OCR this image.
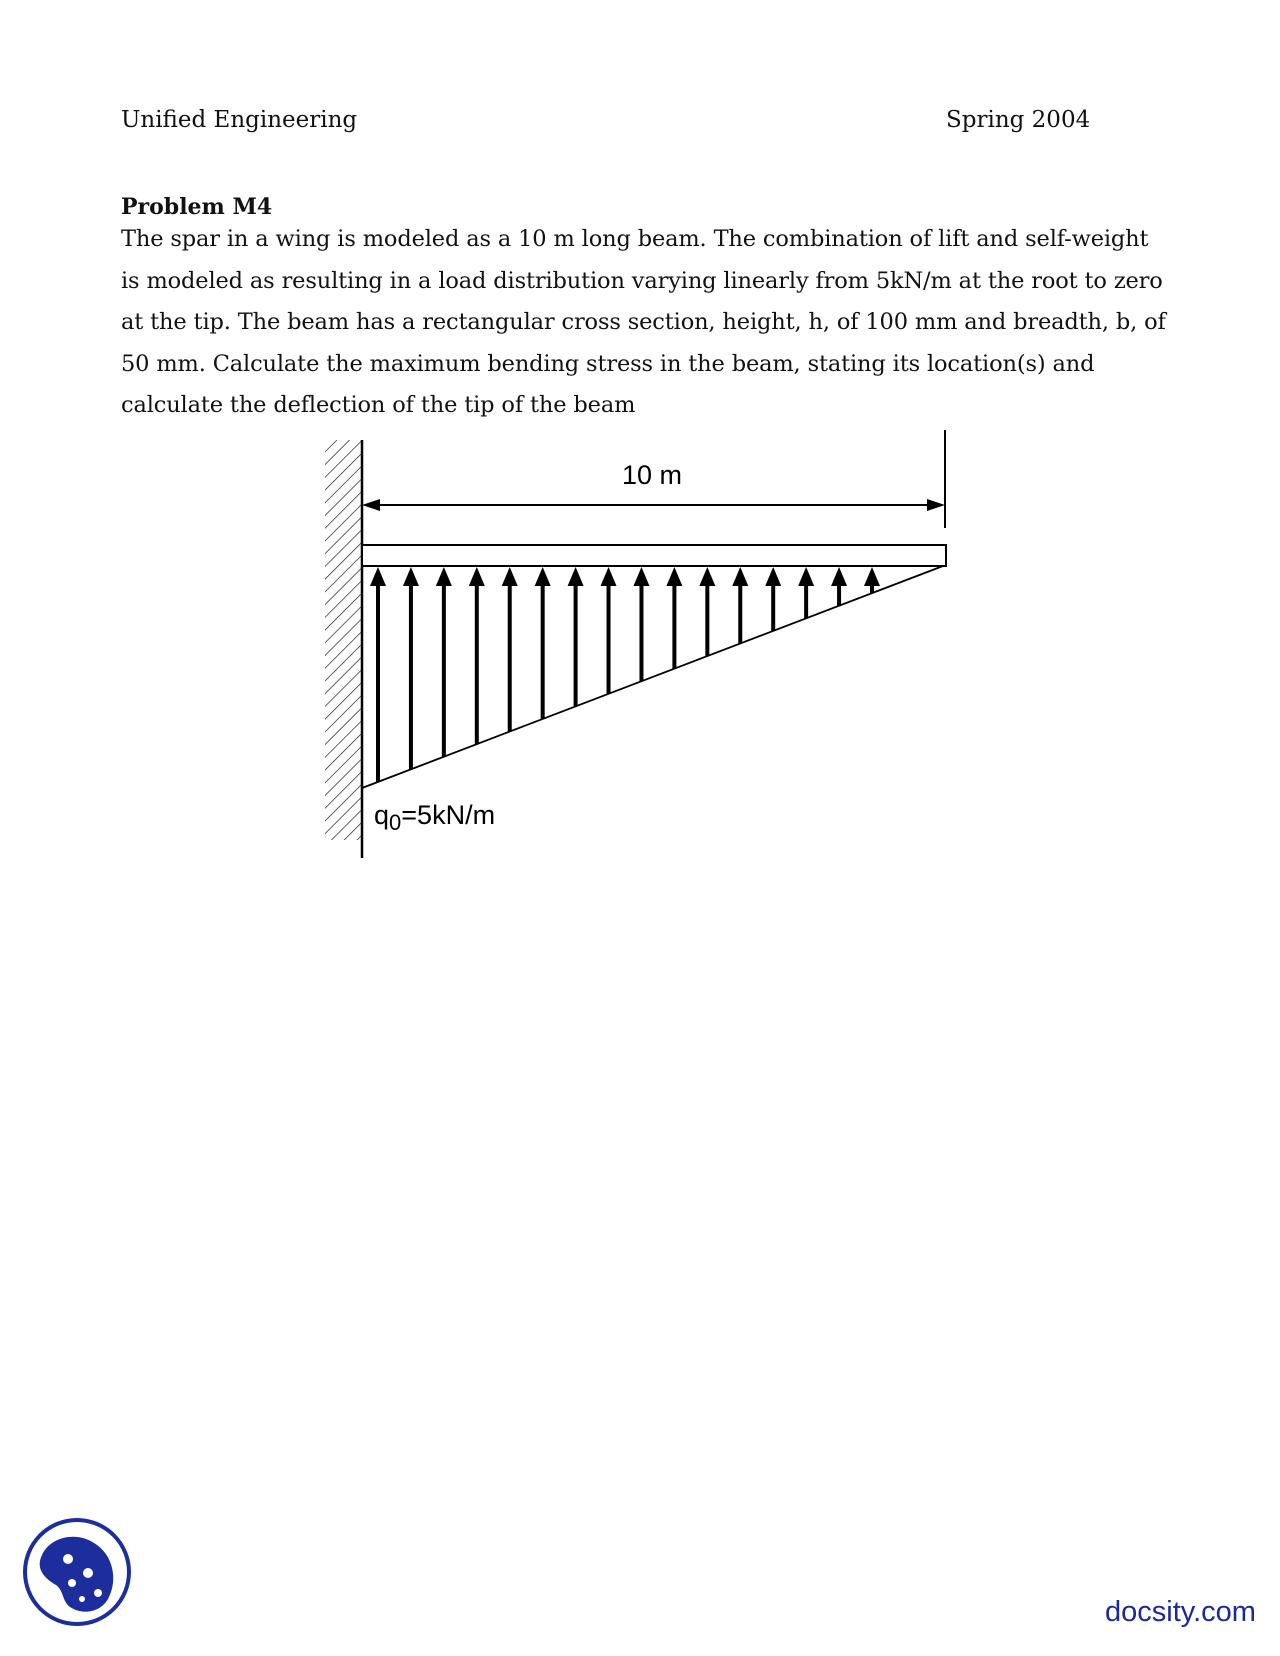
Unified Engineering	Spring 2004
Problem M4

The spar in a wing is modeled as a 10 m long beam. The combination of lift and self-weight

is modeled as resulting in a load distribution varying linearly from 5kN/m at the root to zero

at the tip. The beam has a rectangular cross section, height, h, of 100 mm and breadth, b, of

50 mm. Calculate the maximum bending stress in the beam, stating its location(s) and

calculate the deflection of the tip of the beam

10 m
$q_0=5kN/m$
docsity.com
